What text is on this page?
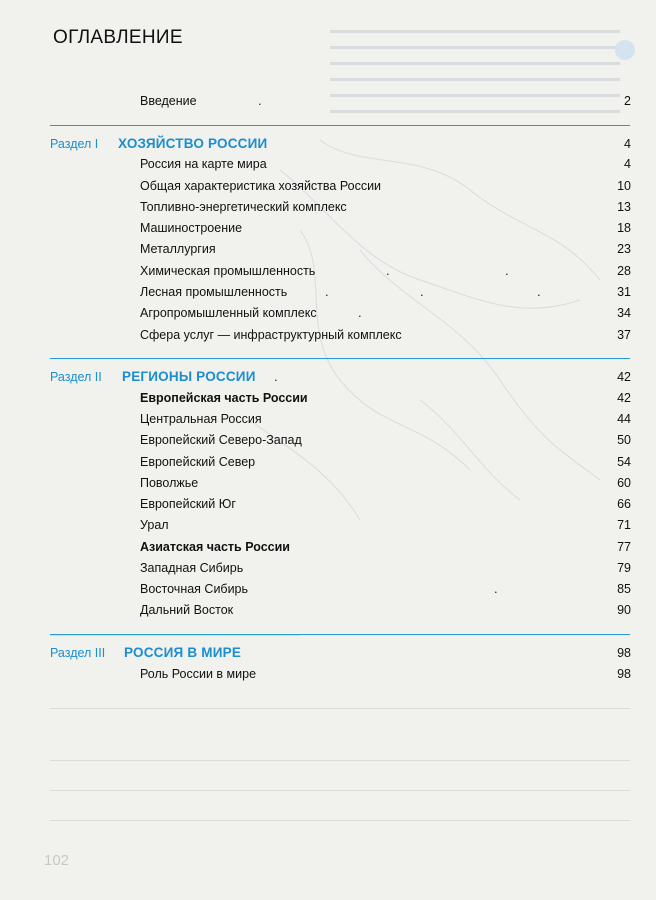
ОГЛАВЛЕНИЕ
Введение	.	2
Раздел I ХОЗЯЙСТВО РОССИИ	4
Россия на карте мира	4
Общая характеристика хозяйства России	10
Топливно-энергетический комплекс	13
Машиностроение	18
Металлургия	23
Химическая промышленность	.	.	28
Лесная промышленность	.	.	.	31
Агропромышленный комплекс	.	34
Сфера услуг — инфраструктурный комплекс	37
Раздел II РЕГИОНЫ РОССИИ .	42
Европейская часть России	42
Центральная Россия	44
Европейский Северо-Запад	50
Европейский Север	54
Поволжье	60
Европейский Юг	66
Урал	71
Азиатская часть России	77
Западная Сибирь	79
Восточная Сибирь	.	85
Дальний Восток	90
Раздел III РОССИЯ В МИРЕ	98
Роль России в мире	98
102
